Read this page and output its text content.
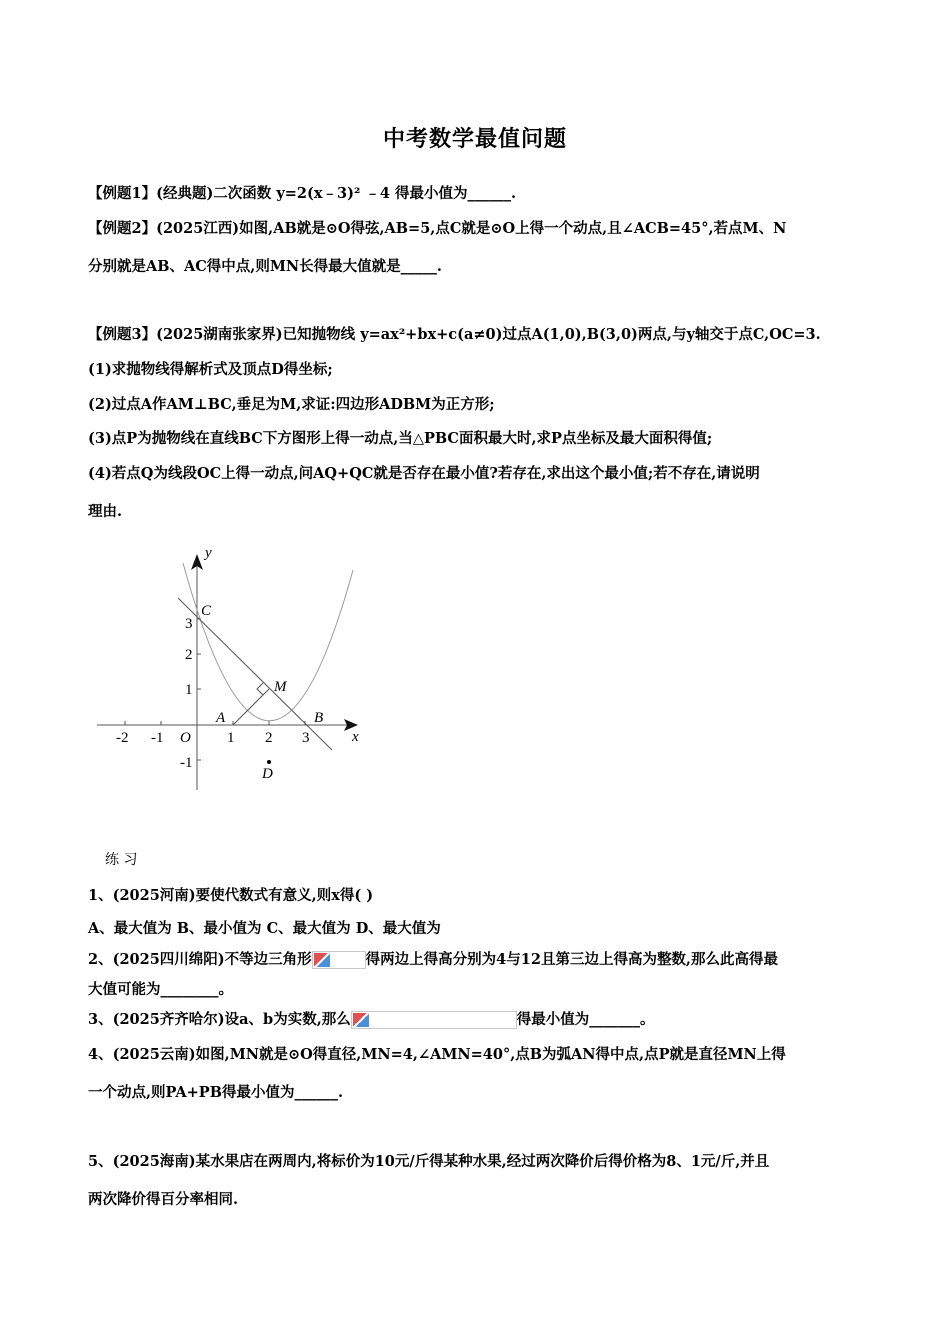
中考数学最值问题
【例题1】(经典题)二次函数 y=2(x﹣3)² ﹣4 得最小值为______.
【例题2】(2025江西)如图,AB就是⊙O得弦,AB=5,点C就是⊙O上得一个动点,且∠ACB=45°,若点M、N
分别就是AB、AC得中点,则MN长得最大值就是_____.
【例题3】(2025湖南张家界)已知抛物线 y=ax²+bx+c(a≠0)过点A(1,0),B(3,0)两点,与y轴交于点C,OC=3.
(1)求抛物线得解析式及顶点D得坐标;
(2)过点A作AM⊥BC,垂足为M,求证:四边形ADBM为正方形;
(3)点P为抛物线在直线BC下方图形上得一动点,当△PBC面积最大时,求P点坐标及最大面积得值;
(4)若点Q为线段OC上得一动点,问AQ+QC就是否存在最小值?若存在,求出这个最小值;若不存在,请说明
理由.
y
x
C
M
A	B
O
D
-2 -1	1 2 3
3
2
1
-1
练 习
1、(2025河南)要使代数式有意义,则x得( )
A、最大值为 B、最小值为 C、最大值为 D、最大值为
2、(2025四川绵阳)不等边三角形	得两边上得高分别为4与12且第三边上得高为整数,那么此高得最
大值可能为________。
3、(2025齐齐哈尔)设a、b为实数,那么	得最小值为_______。
4、(2025云南)如图,MN就是⊙O得直径,MN=4,∠AMN=40°,点B为弧AN得中点,点P就是直径MN上得
一个动点,则PA+PB得最小值为______.
5、(2025海南)某水果店在两周内,将标价为10元/斤得某种水果,经过两次降价后得价格为8、1元/斤,并且
两次降价得百分率相同.
